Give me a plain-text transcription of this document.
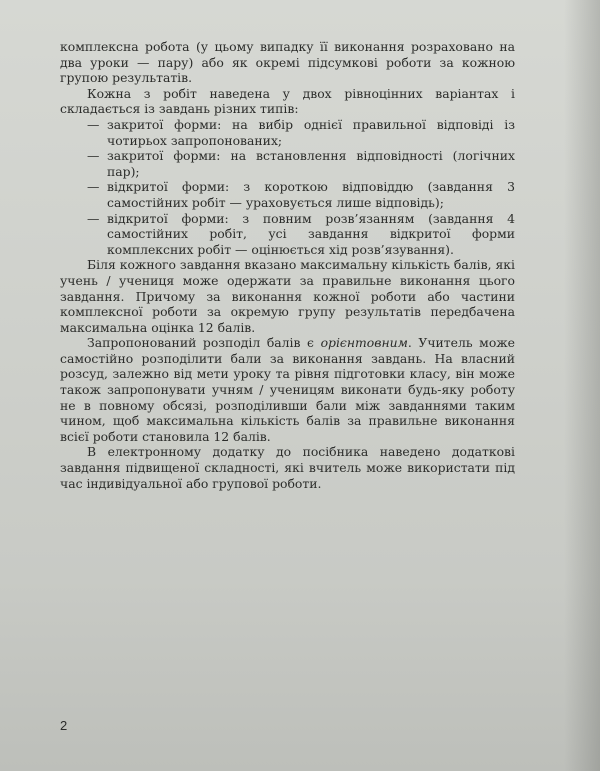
комплексна робота (у цьому випадку її виконання розраховано на два уроки — пару) або як окремі підсумкові роботи за кожною групою результатів.

Кожна з робіт наведена у двох рівноцінних варіантах і складається із завдань різних типів:

— закритої форми: на вибір однієї правильної відповіді із чотирьох запропонованих;
— закритої форми: на встановлення відповідності (логічних пар);
— відкритої форми: з короткою відповіддю (завдання 3 самостійних робіт — ураховується лише відповідь);
— відкритої форми: з повним розв’язанням (завдання 4 самостійних робіт, усі завдання відкритої форми комплексних робіт — оцінюється хід розв’язування).

Біля кожного завдання вказано максимальну кількість балів, які учень / учениця може одержати за правильне виконання цього завдання. Причому за виконання кожної роботи або частини комплексної роботи за окремую групу результатів передбачена максимальна оцінка 12 балів.

Запропонований розподіл балів є орієнтовним. Учитель може самостійно розподілити бали за виконання завдань. На власний розсуд, залежно від мети уроку та рівня підготовки класу, він може також запропонувати учням / ученицям виконати будь-яку роботу не в повному обсязі, розподіливши бали між завданнями таким чином, щоб максимальна кількість балів за правильне виконання всієї роботи становила 12 балів.

В електронному додатку до посібника наведено додаткові завдання підвищеної складності, які вчитель може використати під час індивідуальної або групової роботи.

2
